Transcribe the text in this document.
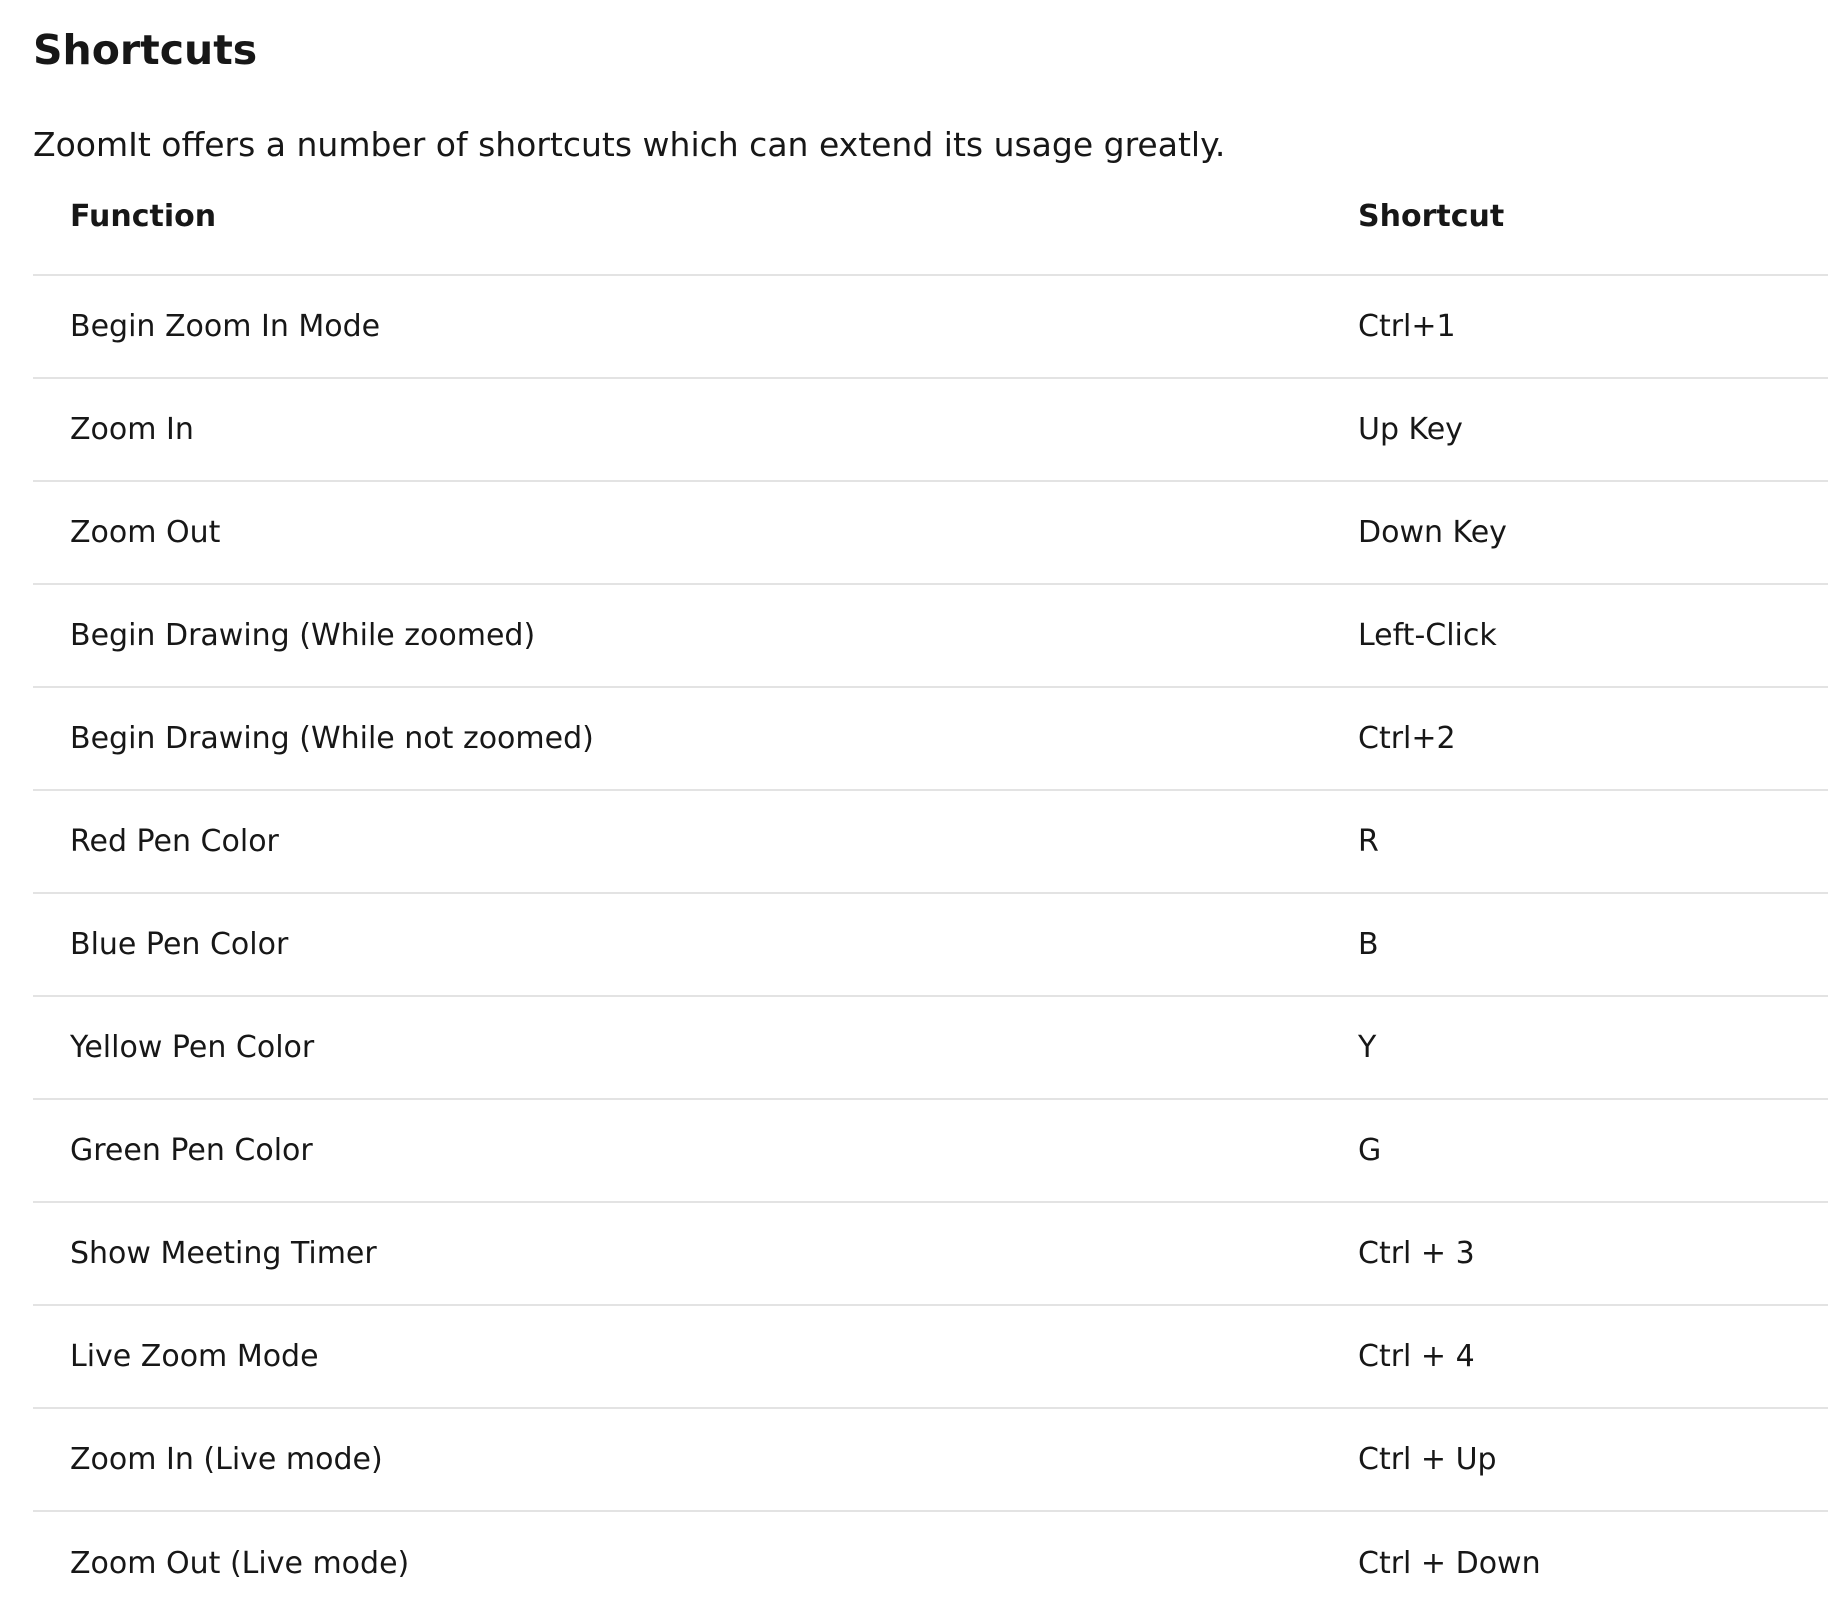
Shortcuts

ZoomIt offers a number of shortcuts which can extend its usage greatly.

Function	Shortcut
Begin Zoom In Mode	Ctrl+1
Zoom In	Up Key
Zoom Out	Down Key
Begin Drawing (While zoomed)	Left-Click
Begin Drawing (While not zoomed)	Ctrl+2
Red Pen Color	R
Blue Pen Color	B
Yellow Pen Color	Y
Green Pen Color	G
Show Meeting Timer	Ctrl + 3
Live Zoom Mode	Ctrl + 4
Zoom In (Live mode)	Ctrl + Up
Zoom Out (Live mode)	Ctrl + Down
